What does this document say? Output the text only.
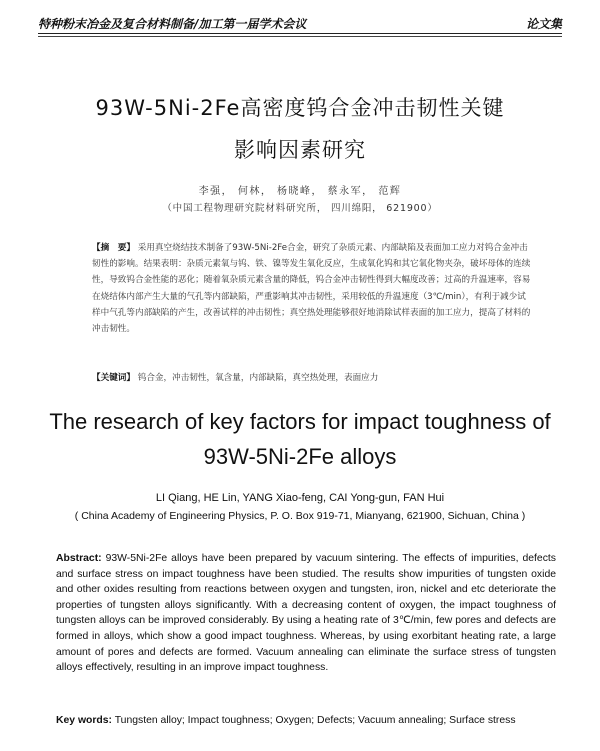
特种粉末冶金及复合材料制备/加工第一届学术会议	论文集
93W-5Ni-2Fe高密度钨合金冲击韧性关键
影响因素研究
李强， 何林， 杨晓峰， 蔡永军， 范辉
（中国工程物理研究院材料研究所， 四川绵阳， 621900）
【摘　要】 采用真空烧结技术制备了93W-5Ni-2Fe合金，研究了杂质元素、内部缺陷及表面加工应力对钨合金冲击韧性的影响。结果表明：杂质元素氧与钨、铁、镍等发生氧化反应，生成氧化钨和其它氧化物夹杂，破坏母体的连续性，导致钨合金性能的恶化；随着氧杂质元素含量的降低，钨合金冲击韧性得到大幅度改善；过高的升温速率，容易在烧结体内部产生大量的气孔等内部缺陷，严重影响其冲击韧性，采用较低的升温速度（3℃/min），有利于减少试样中气孔等内部缺陷的产生，改善试样的冲击韧性；真空热处理能够很好地消除试样表面的加工应力，提高了材料的冲击韧性。
【关键词】 钨合金，冲击韧性，氧含量，内部缺陷，真空热处理，表面应力
The research of key factors for impact toughness of
93W-5Ni-2Fe alloys
LI Qiang, HE Lin, YANG Xiao-feng, CAI Yong-gun, FAN Hui
( China Academy of Engineering Physics, P. O. Box 919-71, Mianyang, 621900, Sichuan, China )
Abstract: 93W-5Ni-2Fe alloys have been prepared by vacuum sintering. The effects of impurities, defects and surface stress on impact toughness have been studied. The results show impurities of tungsten oxide and other oxides resulting from reactions between oxygen and tungsten, iron, nickel and etc deteriorate the properties of tungsten alloys significantly. With a decreasing content of oxygen, the impact toughness of tungsten alloys can be improved considerably. By using a heating rate of 3℃/min, few pores and defects are formed in alloys, which show a good impact toughness. Whereas, by using exorbitant heating rate, a large amount of pores and defects are formed. Vacuum annealing can eliminate the surface stress of tungsten alloys effectively, resulting in an improve impact toughness.
Key words: Tungsten alloy; Impact toughness; Oxygen; Defects; Vacuum annealing; Surface stress
